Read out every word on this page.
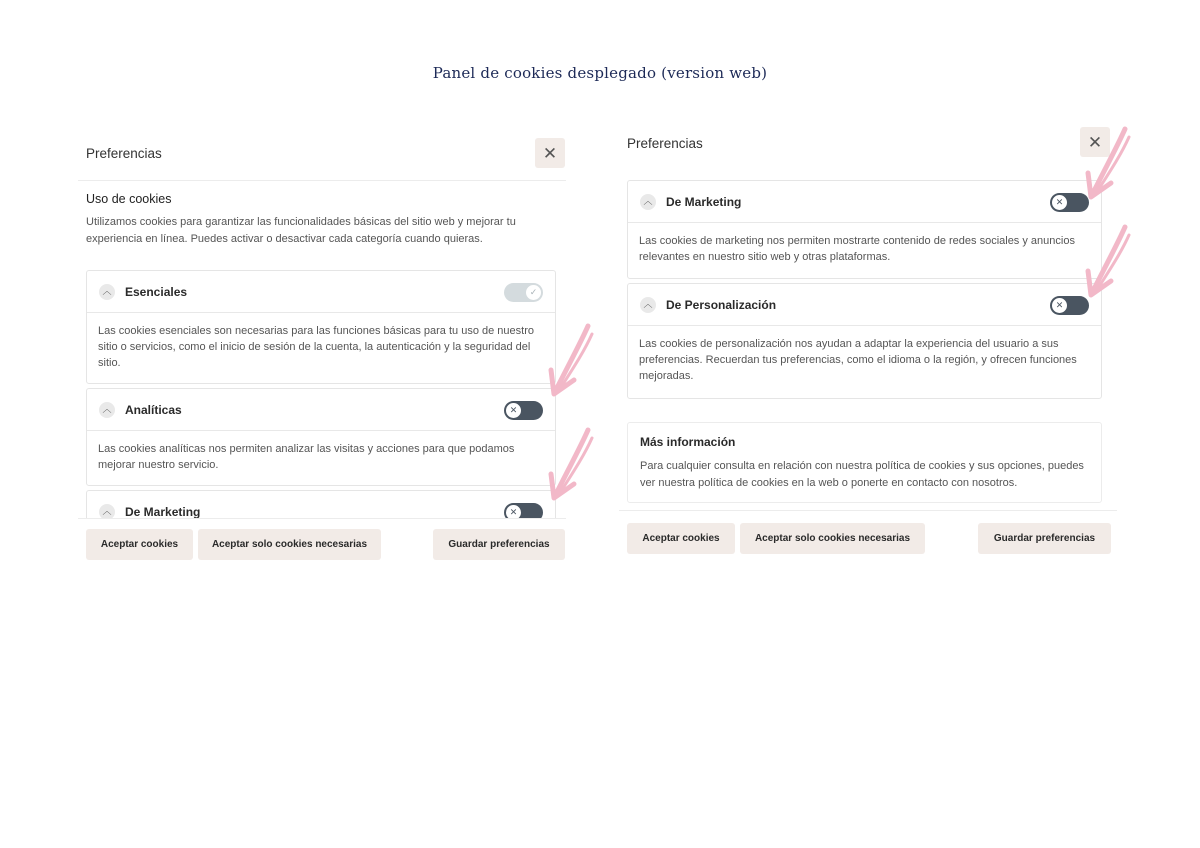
Panel de cookies desplegado (version web)
Preferencias	✕
Uso de cookies
Utilizamos cookies para garantizar las funcionalidades básicas del sitio web y mejorar tu experiencia en línea. Puedes activar o desactivar cada categoría cuando quieras.
︿ Esenciales	✓
Las cookies esenciales son necesarias para las funciones básicas para tu uso de nuestro sitio o servicios, como el inicio de sesión de la cuenta, la autenticación y la seguridad del sitio.
︿ Analíticas	✕
Las cookies analíticas nos permiten analizar las visitas y acciones para que podamos mejorar nuestro servicio.
︿ De Marketing	✕
Aceptar cookies	Aceptar solo cookies necesarias	Guardar preferencias
Preferencias	✕
︿ De Marketing	✕
Las cookies de marketing nos permiten mostrarte contenido de redes sociales y anuncios relevantes en nuestro sitio web y otras plataformas.
︿ De Personalización	✕
Las cookies de personalización nos ayudan a adaptar la experiencia del usuario a sus preferencias. Recuerdan tus preferencias, como el idioma o la región, y ofrecen funciones mejoradas.
Más información
Para cualquier consulta en relación con nuestra política de cookies y sus opciones, puedes ver nuestra política de cookies en la web o ponerte en contacto con nosotros.
Aceptar cookies	Aceptar solo cookies necesarias	Guardar preferencias
